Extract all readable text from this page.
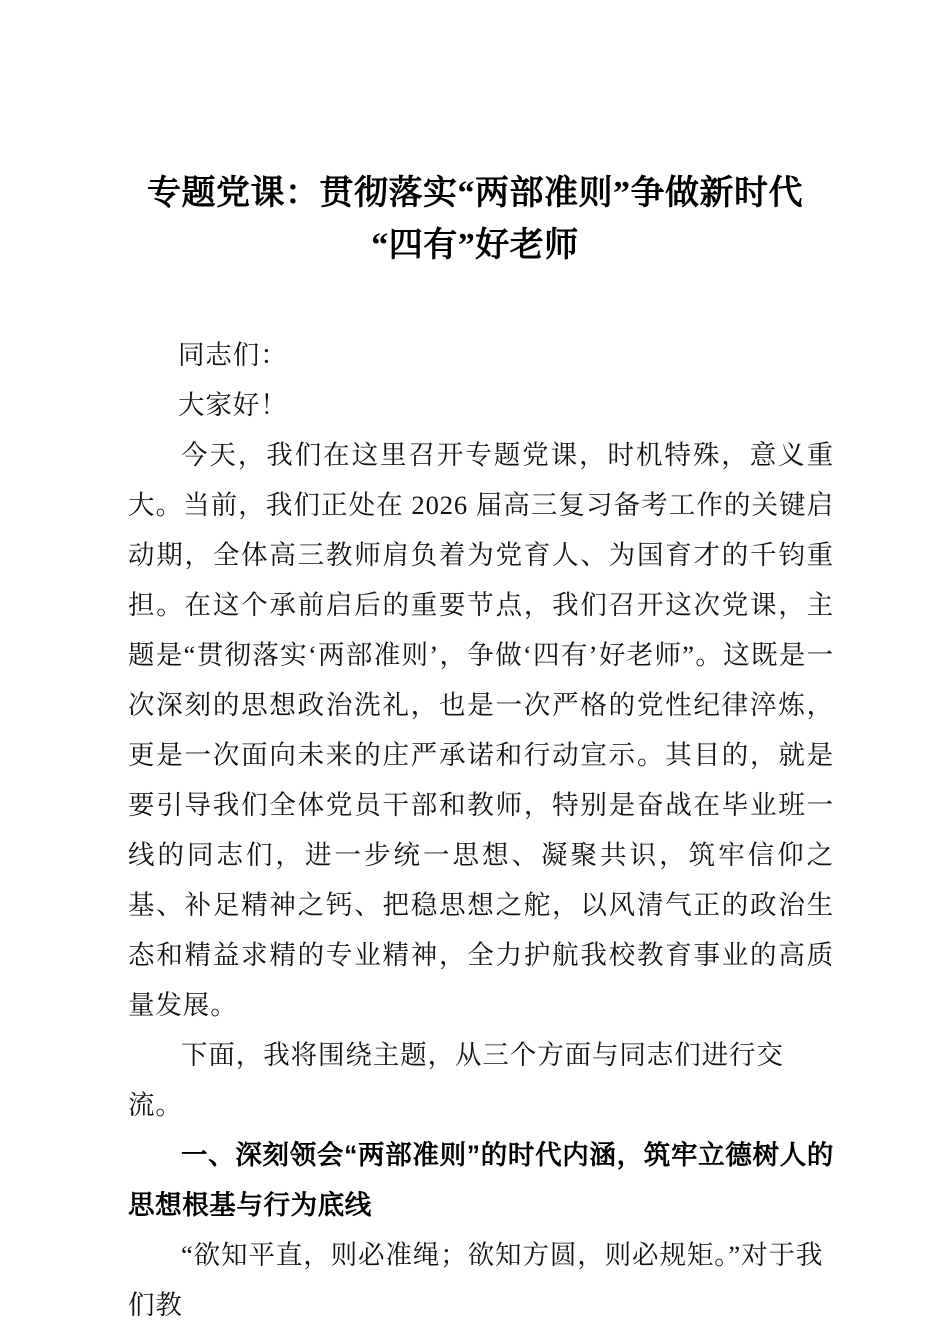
专题党课：贯彻落实“两部准则”争做新时代
“四有”好老师

同志们：

大家好！

今天，我们在这里召开专题党课，时机特殊，意义重大。当前，我们正处在 2026 届高三复习备考工作的关键启动期，全体高三教师肩负着为党育人、为国育才的千钧重担。在这个承前启后的重要节点，我们召开这次党课，主题是“贯彻落实‘两部准则’，争做‘四有’好老师”。这既是一次深刻的思想政治洗礼，也是一次严格的党性纪律淬炼，更是一次面向未来的庄严承诺和行动宣示。其目的，就是要引导我们全体党员干部和教师，特别是奋战在毕业班一线的同志们，进一步统一思想、凝聚共识，筑牢信仰之基、补足精神之钙、把稳思想之舵，以风清气正的政治生态和精益求精的专业精神，全力护航我校教育事业的高质量发展。

下面，我将围绕主题，从三个方面与同志们进行交流。

一、深刻领会“两部准则”的时代内涵，筑牢立德树人的思想根基与行为底线

“欲知平直，则必准绳；欲知方圆，则必规矩。”对于我们教
